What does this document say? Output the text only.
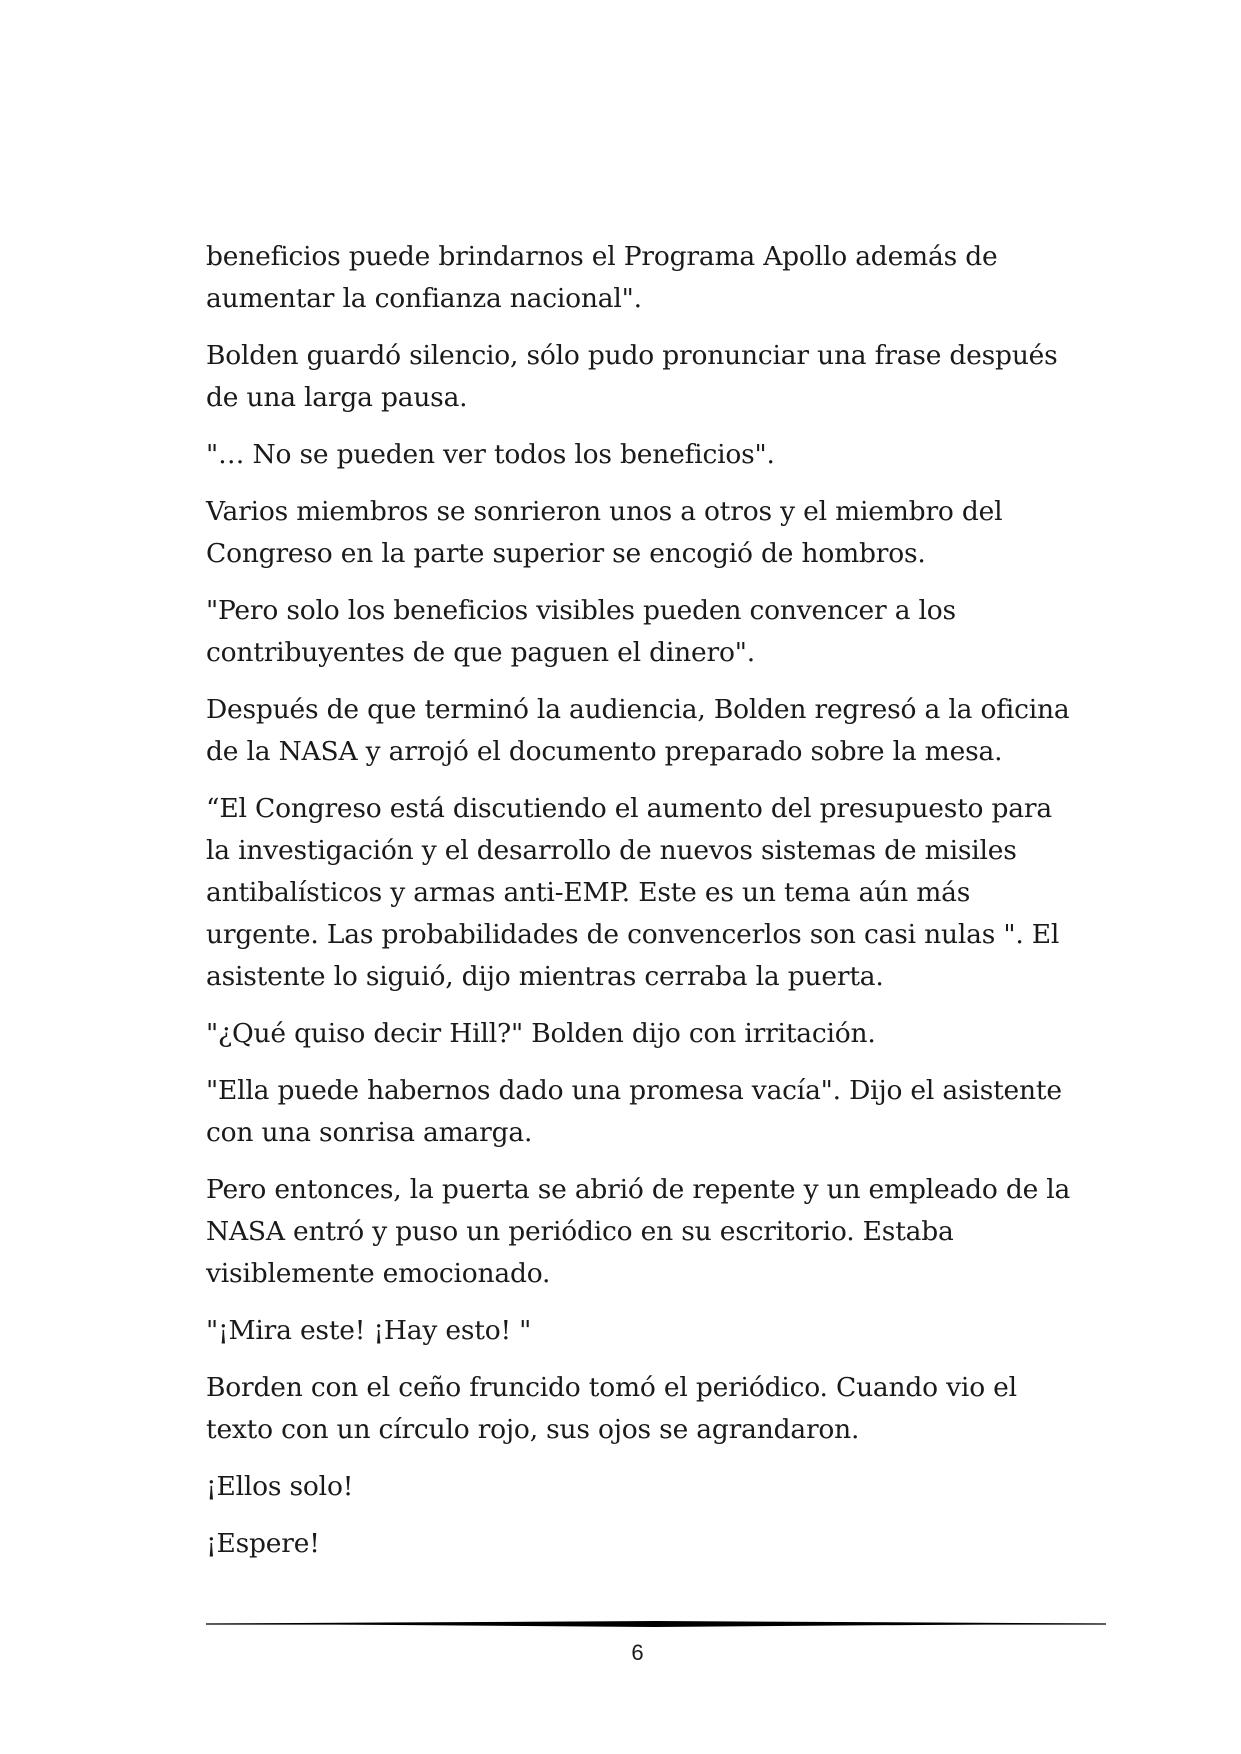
beneficios puede brindarnos el Programa Apollo además de aumentar la confianza nacional".

Bolden guardó silencio, sólo pudo pronunciar una frase después de una larga pausa.

"… No se pueden ver todos los beneficios".

Varios miembros se sonrieron unos a otros y el miembro del Congreso en la parte superior se encogió de hombros.

"Pero solo los beneficios visibles pueden convencer a los contribuyentes de que paguen el dinero".

Después de que terminó la audiencia, Bolden regresó a la oficina de la NASA y arrojó el documento preparado sobre la mesa.

“El Congreso está discutiendo el aumento del presupuesto para la investigación y el desarrollo de nuevos sistemas de misiles antibalísticos y armas anti-EMP. Este es un tema aún más urgente. Las probabilidades de convencerlos son casi nulas ". El asistente lo siguió, dijo mientras cerraba la puerta.

"¿Qué quiso decir Hill?" Bolden dijo con irritación.

"Ella puede habernos dado una promesa vacía". Dijo el asistente con una sonrisa amarga.

Pero entonces, la puerta se abrió de repente y un empleado de la NASA entró y puso un periódico en su escritorio. Estaba visiblemente emocionado.

"¡Mira este! ¡Hay esto! "

Borden con el ceño fruncido tomó el periódico. Cuando vio el texto con un círculo rojo, sus ojos se agrandaron.

¡Ellos solo!

¡Espere!

6
